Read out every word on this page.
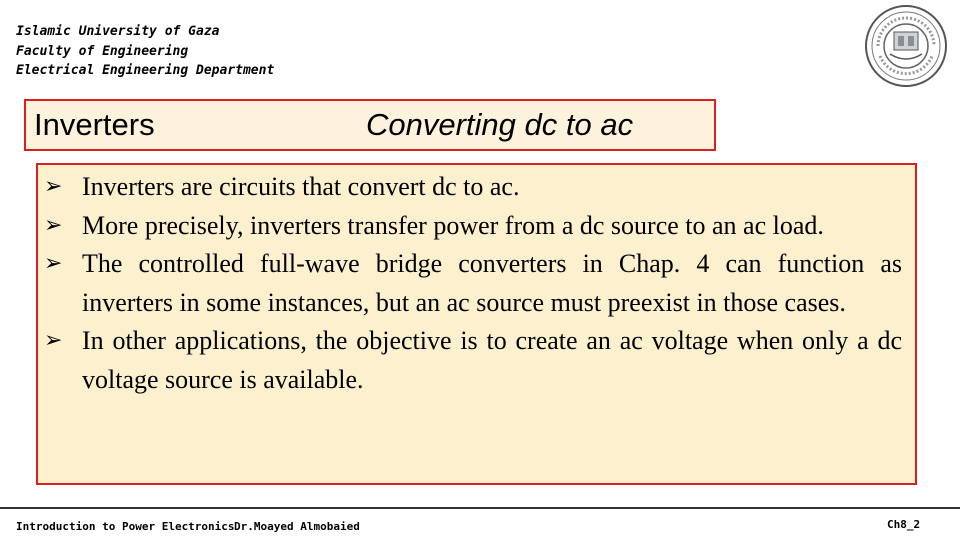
Islamic University of Gaza
Faculty of Engineering
Electrical Engineering Department
Inverters	Converting dc to ac
➢ Inverters are circuits that convert dc to ac.
➢ More precisely, inverters transfer power from a dc source to an ac load.
➢ The controlled full-wave bridge converters in Chap. 4 can function as inverters in some instances, but an ac source must preexist in those cases.
➢ In other applications, the objective is to create an ac voltage when only a dc voltage source is available.
Introduction to Power Electronics Dr.Moayed Almobaied	Ch8_2
